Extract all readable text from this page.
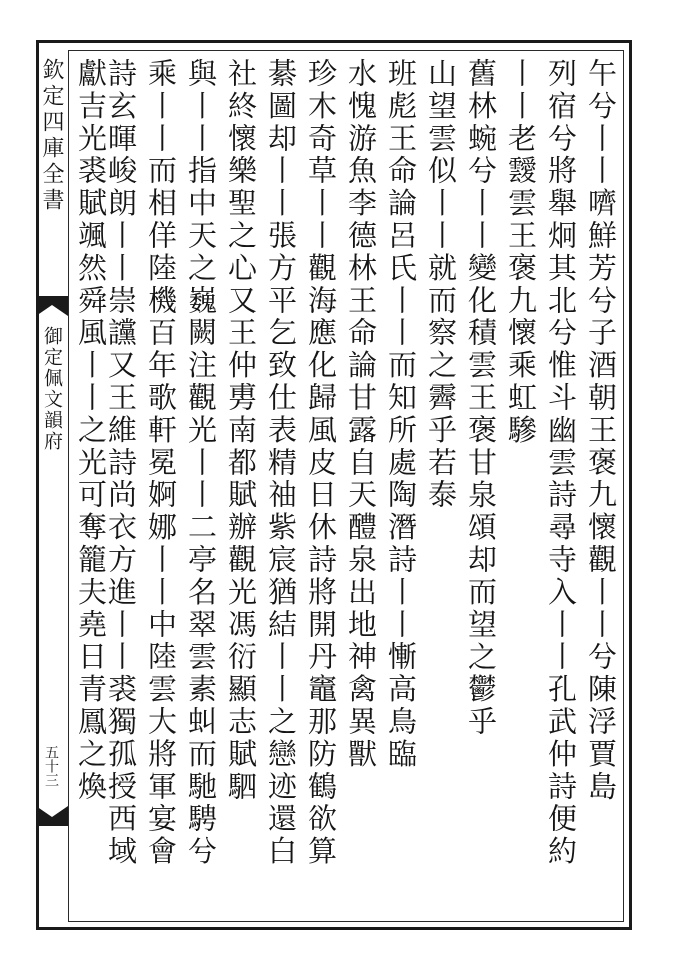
欽定四庫全書
御定佩文韻府
五十三
午兮丨丨嚌鮮芳兮子酒朝王褒九懷觀丨丨兮陳浮賈島
列宿兮將舉炯其北兮惟斗幽雲詩尋寺入丨丨孔武仲詩便約
丨丨老靉雲王褒九懷乘虹驂
舊林蜿兮丨丨變化積雲王褒甘泉頌却而望之鬱乎
山望雲似丨丨就而察之霽乎若泰
班彪王命論呂氏丨丨而知所處陶潛詩丨丨慚高鳥臨
水愧游魚李德林王命論甘露自天醴泉出地神禽異獸
珍木奇草丨丨觀海應化歸風皮日休詩將開丹竈那防鶴欲算
綦圖却丨丨張方平乞致仕表精䄂紫宸猶結丨丨之戀迹還白
社終懷樂聖之心又王仲旉南都賦辦觀光馮衍顯志賦駟
與丨丨指中天之巍闕注觀光丨丨二亭名翠雲素虯而馳騁兮
乘丨丨而相佯陸機百年歌軒冕婀娜丨丨中陸雲大將軍宴會
詩玄暉峻朗丨丨崇讜又王維詩尚衣方進丨丨裘獨孤授西域
獻吉光裘賦颯然舜風丨丨之光可奪籠夫堯日青鳳之煥
